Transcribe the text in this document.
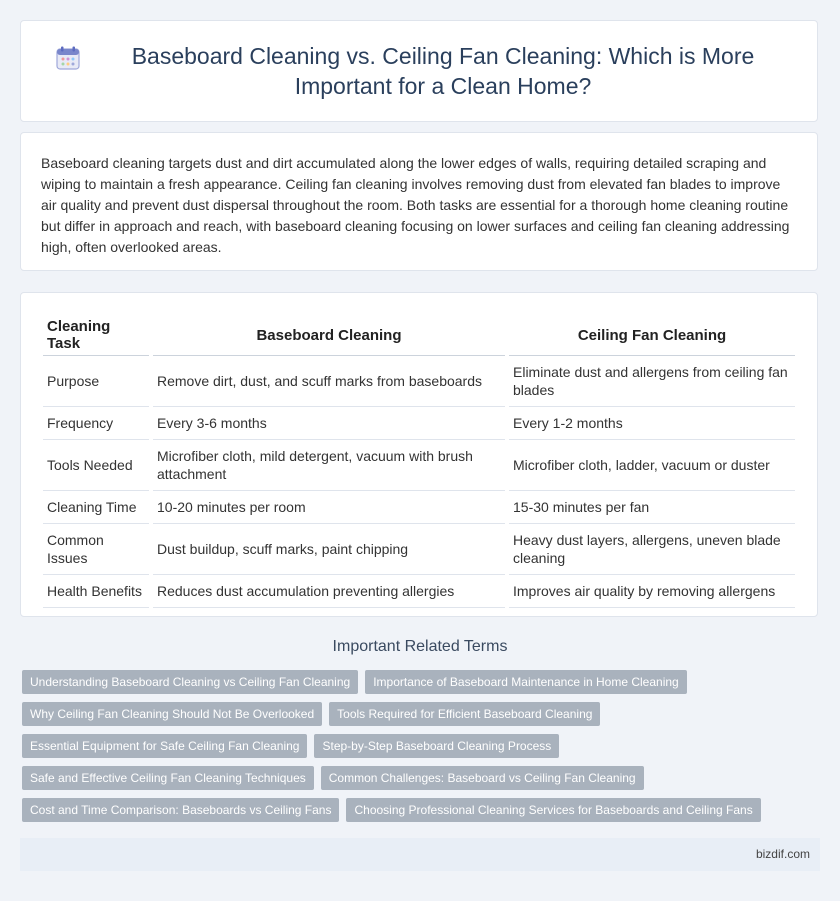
Baseboard Cleaning vs. Ceiling Fan Cleaning: Which is More Important for a Clean Home?

Baseboard cleaning targets dust and dirt accumulated along the lower edges of walls, requiring detailed scraping and wiping to maintain a fresh appearance. Ceiling fan cleaning involves removing dust from elevated fan blades to improve air quality and prevent dust dispersal throughout the room. Both tasks are essential for a thorough home cleaning routine but differ in approach and reach, with baseboard cleaning focusing on lower surfaces and ceiling fan cleaning addressing high, often overlooked areas.

Cleaning Task	Baseboard Cleaning	Ceiling Fan Cleaning
Purpose	Remove dirt, dust, and scuff marks from baseboards	Eliminate dust and allergens from ceiling fan blades
Frequency	Every 3-6 months	Every 1-2 months
Tools Needed	Microfiber cloth, mild detergent, vacuum with brush attachment	Microfiber cloth, ladder, vacuum or duster
Cleaning Time	10-20 minutes per room	15-30 minutes per fan
Common Issues	Dust buildup, scuff marks, paint chipping	Heavy dust layers, allergens, uneven blade cleaning
Health Benefits	Reduces dust accumulation preventing allergies	Improves air quality by removing allergens
Important Related Terms
Understanding Baseboard Cleaning vs Ceiling Fan Cleaning	Importance of Baseboard Maintenance in Home Cleaning
Why Ceiling Fan Cleaning Should Not Be Overlooked	Tools Required for Efficient Baseboard Cleaning
Essential Equipment for Safe Ceiling Fan Cleaning	Step-by-Step Baseboard Cleaning Process
Safe and Effective Ceiling Fan Cleaning Techniques	Common Challenges: Baseboard vs Ceiling Fan Cleaning
Cost and Time Comparison: Baseboards vs Ceiling Fans	Choosing Professional Cleaning Services for Baseboards and Ceiling Fans
bizdif.com
